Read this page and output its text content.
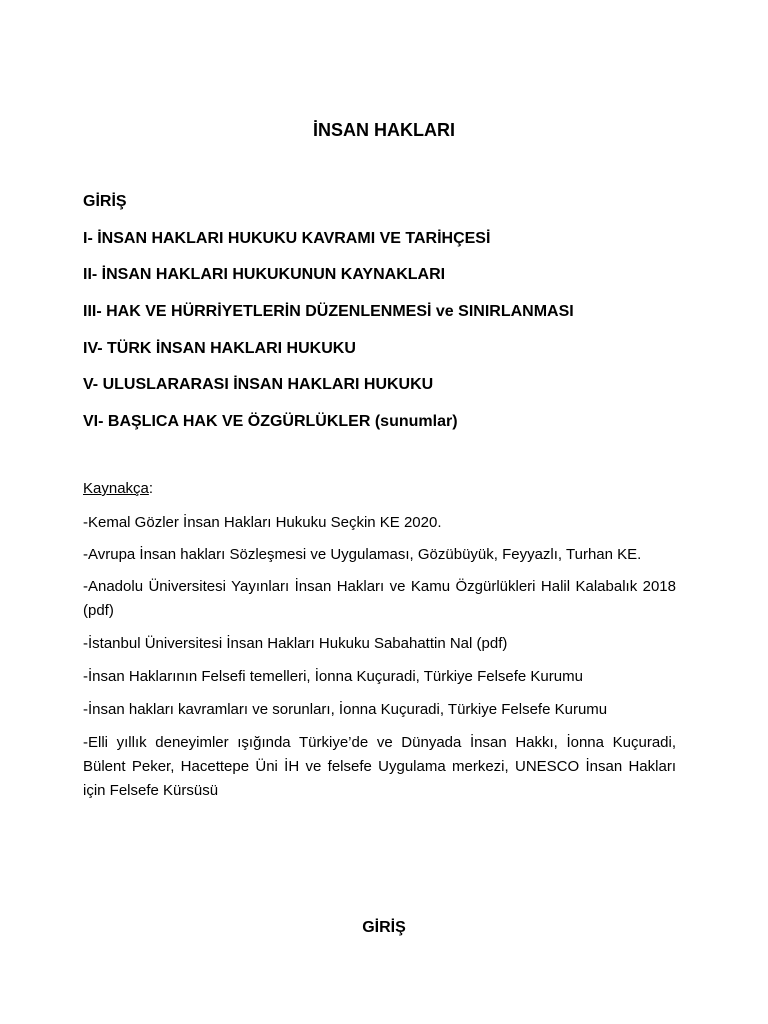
İNSAN HAKLARI

GİRİŞ

I- İNSAN HAKLARI HUKUKU KAVRAMI VE TARİHÇESİ

II- İNSAN HAKLARI HUKUKUNUN KAYNAKLARI

III- HAK VE HÜRRİYETLERİN DÜZENLENMESİ ve SINIRLANMASI

IV- TÜRK İNSAN HAKLARI HUKUKU

V- ULUSLARARASI İNSAN HAKLARI HUKUKU

VI- BAŞLICA HAK VE ÖZGÜRLÜKLER (sunumlar)

Kaynakça:

-Kemal Gözler İnsan Hakları Hukuku Seçkin KE 2020.

-Avrupa İnsan hakları Sözleşmesi ve Uygulaması, Gözübüyük, Feyyazlı, Turhan KE.

-Anadolu Üniversitesi Yayınları İnsan Hakları ve Kamu Özgürlükleri Halil Kalabalık 2018 (pdf)

-İstanbul Üniversitesi İnsan Hakları Hukuku Sabahattin Nal (pdf)

-İnsan Haklarının Felsefi temelleri, İonna Kuçuradi, Türkiye Felsefe Kurumu

-İnsan hakları kavramları ve sorunları, İonna Kuçuradi, Türkiye Felsefe Kurumu

-Elli yıllık deneyimler ışığında Türkiye’de ve Dünyada İnsan Hakkı, İonna Kuçuradi, Bülent Peker, Hacettepe Üni İH ve felsefe Uygulama merkezi, UNESCO İnsan Hakları için Felsefe Kürsüsü

GİRİŞ
